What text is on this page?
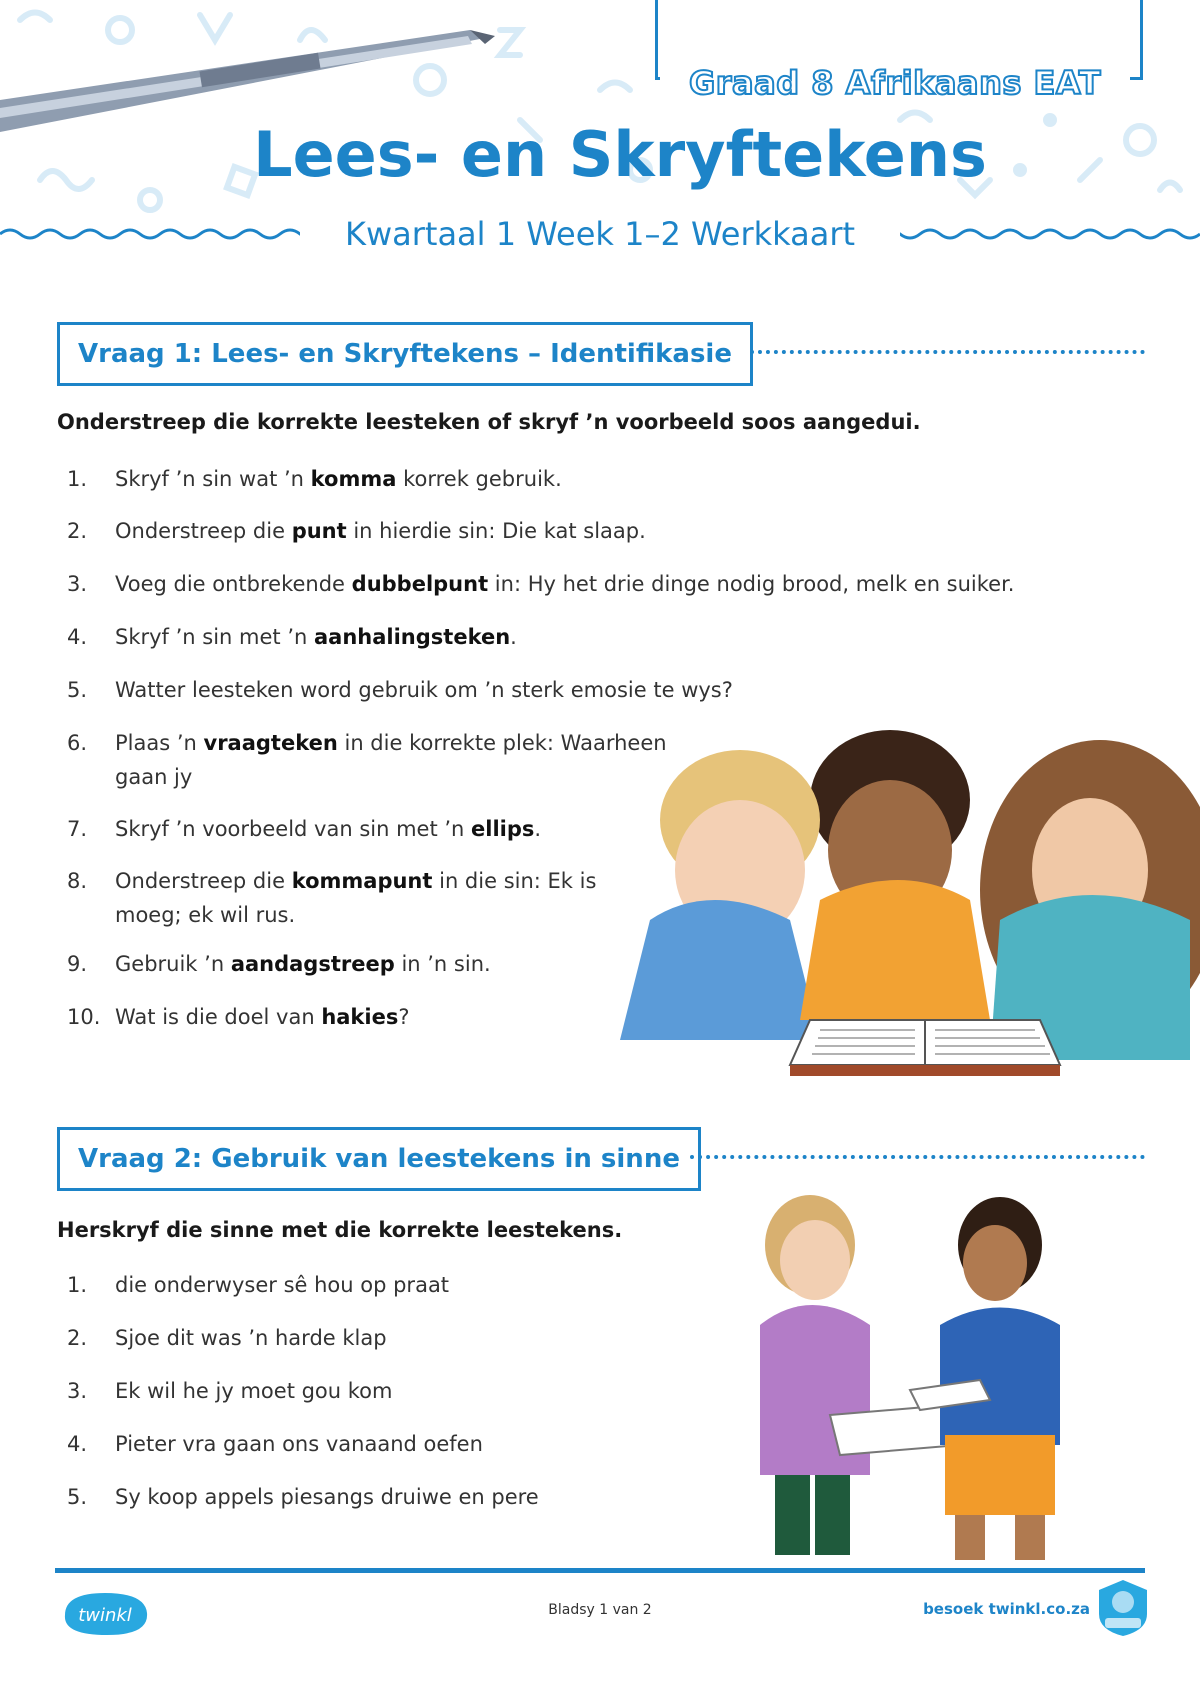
Graad 8 Afrikaans EAT
Lees- en Skryftekens
Kwartaal 1 Week 1–2 Werkkaart
Vraag 1: Lees- en Skryftekens – Identifikasie
Onderstreep die korrekte leesteken of skryf ’n voorbeeld soos aangedui.
1.	Skryf ’n sin wat ’n komma korrek gebruik.
2.	Onderstreep die punt in hierdie sin: Die kat slaap.
3.	Voeg die ontbrekende dubbelpunt in: Hy het drie dinge nodig brood, melk en suiker.
4.	Skryf ’n sin met ’n aanhalingsteken.
5.	Watter leesteken word gebruik om ’n sterk emosie te wys?
6.	Plaas ’n vraagteken in die korrekte plek: Waarheen gaan jy
7.	Skryf ’n voorbeeld van sin met ’n ellips.
8.	Onderstreep die kommapunt in die sin: Ek is moeg; ek wil rus.
9.	Gebruik ’n aandagstreep in ’n sin.
10. Wat is die doel van hakies?
Vraag 2: Gebruik van leestekens in sinne
Herskryf die sinne met die korrekte leestekens.
1.	die onderwyser sê hou op praat
2.	Sjoe dit was ’n harde klap
3.	Ek wil he jy moet gou kom
4.	Pieter vra gaan ons vanaand oefen
5.	Sy koop appels piesangs druiwe en pere
twinkl	Bladsy 1 van 2	besoek twinkl.co.za
